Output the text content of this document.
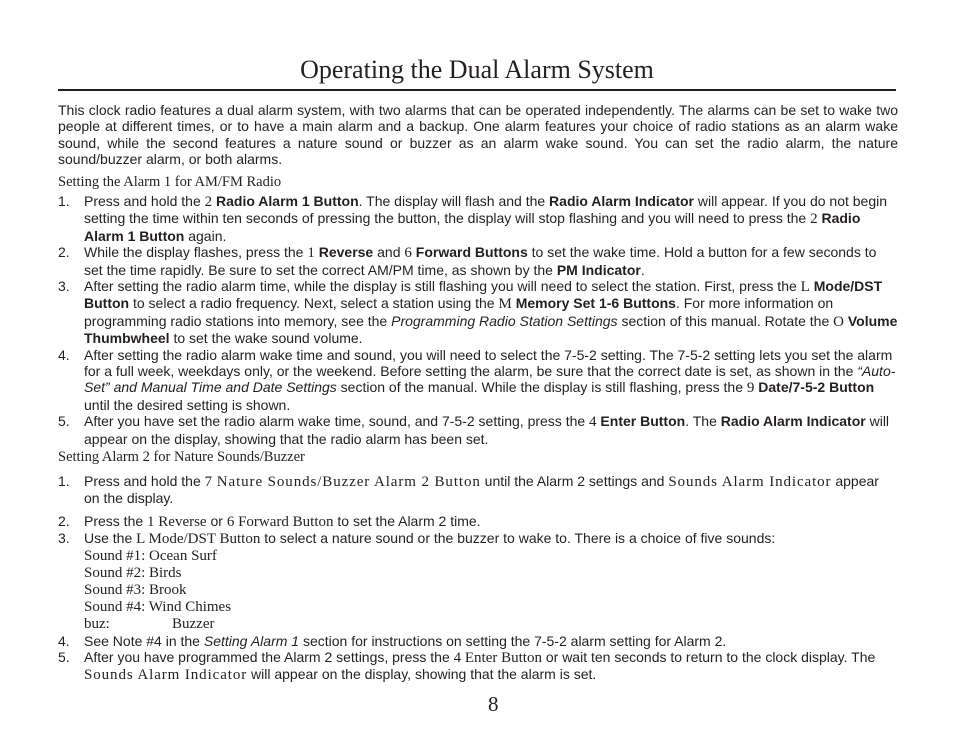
Operating the Dual Alarm System
This clock radio features a dual alarm system, with two alarms that can be operated independently. The alarms can be set to wake two people at different times, or to have a main alarm and a backup. One alarm features your choice of radio stations as an alarm wake sound, while the second features a nature sound or buzzer as an alarm wake sound. You can set the radio alarm, the nature sound/buzzer alarm, or both alarms.
Setting the Alarm 1 for AM/FM Radio
1. Press and hold the 2 Radio Alarm 1 Button. The display will flash and the Radio Alarm Indicator will appear. If you do not begin setting the time within ten seconds of pressing the button, the display will stop flashing and you will need to press the 2 Radio Alarm 1 Button again.
2. While the display flashes, press the 1 Reverse and 6 Forward Buttons to set the wake time. Hold a button for a few seconds to set the time rapidly. Be sure to set the correct AM/PM time, as shown by the PM Indicator.
3. After setting the radio alarm time, while the display is still flashing you will need to select the station. First, press the L Mode/DST Button to select a radio frequency. Next, select a station using the M Memory Set 1-6 Buttons. For more information on programming radio stations into memory, see the Programming Radio Station Settings section of this manual. Rotate the O Volume Thumbwheel to set the wake sound volume.
4. After setting the radio alarm wake time and sound, you will need to select the 7-5-2 setting. The 7-5-2 setting lets you set the alarm for a full week, weekdays only, or the weekend. Before setting the alarm, be sure that the correct date is set, as shown in the “Auto-Set” and Manual Time and Date Settings section of the manual. While the display is still flashing, press the 9 Date/7-5-2 Button until the desired setting is shown.
5. After you have set the radio alarm wake time, sound, and 7-5-2 setting, press the 4 Enter Button. The Radio Alarm Indicator will appear on the display, showing that the radio alarm has been set.
Setting Alarm 2 for Nature Sounds/Buzzer
1. Press and hold the 7 Nature Sounds/Buzzer Alarm 2 Button until the Alarm 2 settings and Sounds Alarm Indicator appear on the display.
2. Press the 1 Reverse or 6 Forward Button to set the Alarm 2 time.
3. Use the L Mode/DST Button to select a nature sound or the buzzer to wake to. There is a choice of five sounds:
Sound #1: Ocean Surf
Sound #2: Birds
Sound #3: Brook
Sound #4: Wind Chimes
buz:	Buzzer
4. See Note #4 in the Setting Alarm 1 section for instructions on setting the 7-5-2 alarm setting for Alarm 2.
5. After you have programmed the Alarm 2 settings, press the 4 Enter Button or wait ten seconds to return to the clock display. The Sounds Alarm Indicator will appear on the display, showing that the alarm is set.
8
